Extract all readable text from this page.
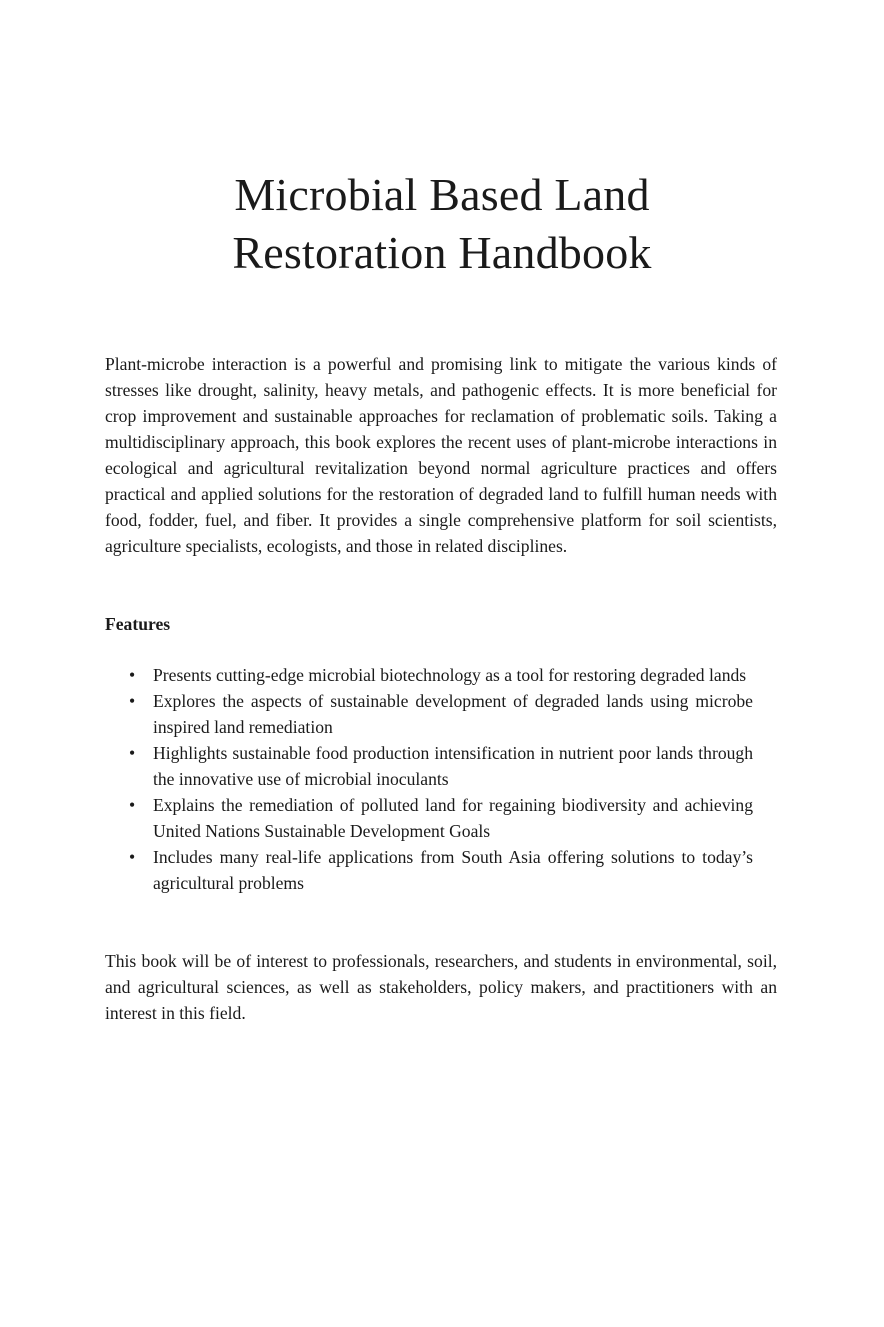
Microbial Based Land
Restoration Handbook

Plant-microbe interaction is a powerful and promising link to mitigate the various kinds of stresses like drought, salinity, heavy metals, and pathogenic effects. It is more beneficial for crop improvement and sustainable approaches for reclamation of problematic soils. Taking a multidisciplinary approach, this book explores the recent uses of plant-microbe interactions in ecological and agricultural revitalization beyond normal agriculture practices and offers practical and applied solutions for the restoration of degraded land to fulfill human needs with food, fodder, fuel, and fiber. It provides a single comprehensive platform for soil scientists, agriculture specialists, ecologists, and those in related disciplines.

Features
• Presents cutting-edge microbial biotechnology as a tool for restoring degraded lands
• Explores the aspects of sustainable development of degraded lands using microbe inspired land remediation
• Highlights sustainable food production intensification in nutrient poor lands through the innovative use of microbial inoculants
• Explains the remediation of polluted land for regaining biodiversity and achieving United Nations Sustainable Development Goals
• Includes many real-life applications from South Asia offering solutions to today’s agricultural problems

This book will be of interest to professionals, researchers, and students in environmental, soil, and agricultural sciences, as well as stakeholders, policy makers, and practitioners with an interest in this field.
